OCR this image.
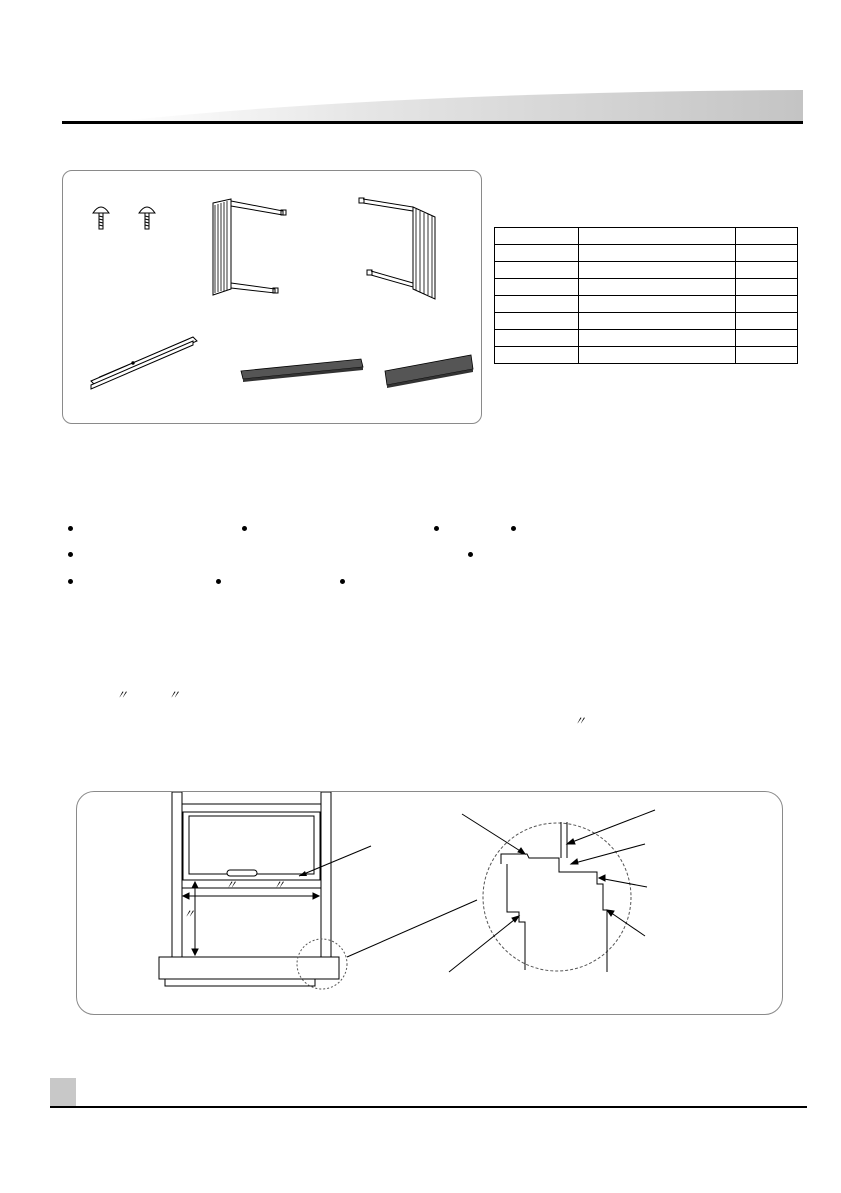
〃	〃
〃
〃	〃
〃
